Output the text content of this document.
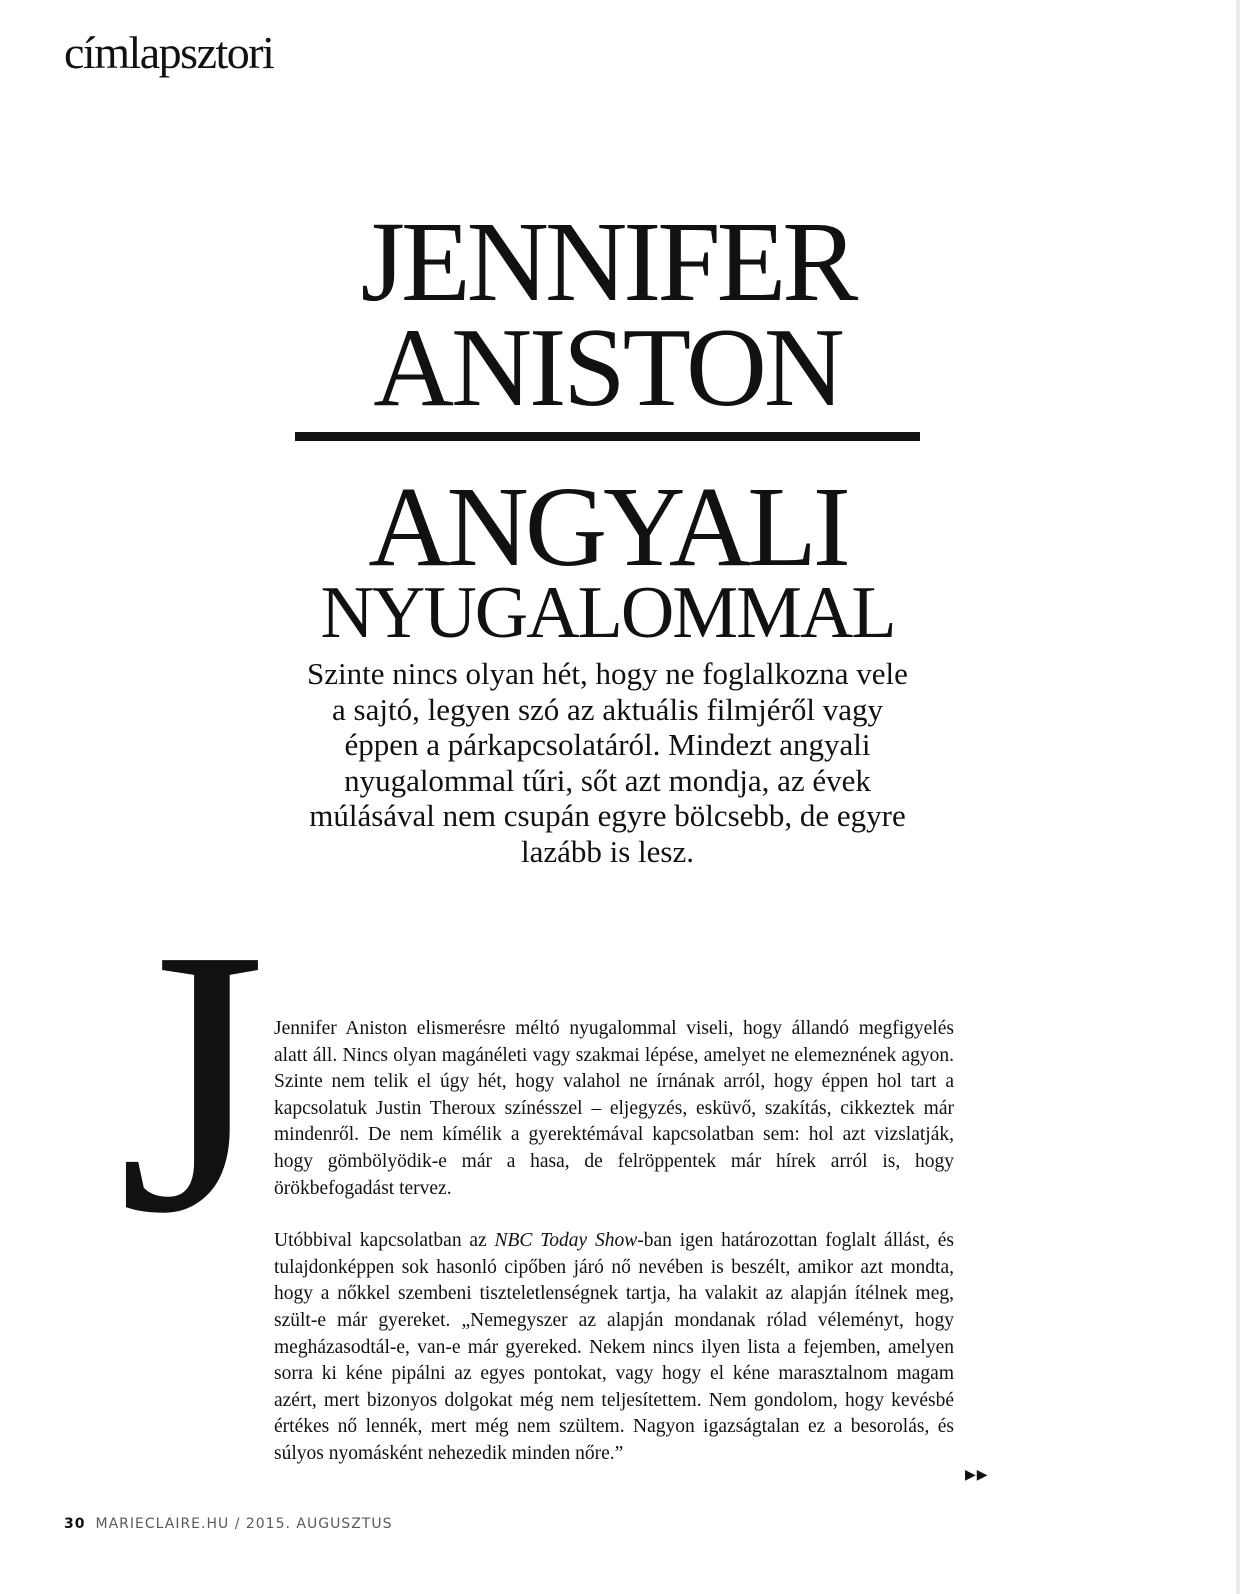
címlapsztori
JENNIFER
ANISTON
ANGYALI
NYUGALOMMAL

Szinte nincs olyan hét, hogy ne foglalkozna vele a sajtó, legyen szó az aktuális filmjéről vagy éppen a párkapcsolatáról. Mindezt angyali nyugalommal tűri, sőt azt mondja, az évek múlásával nem csupán egyre bölcsebb, de egyre lazább is lesz.

J Jennifer Aniston elismerésre méltó nyugalommal viseli, hogy állandó megfigyelés alatt áll. Nincs olyan magánéleti vagy szakmai lépése, amelyet ne elemeznének agyon. Szinte nem telik el úgy hét, hogy valahol ne írnának arról, hogy éppen hol tart a kapcsolatuk Justin Theroux színésszel – eljegyzés, esküvő, szakítás, cikkeztek már mindenről. De nem kímélik a gyerektémával kapcsolatban sem: hol azt vizslatják, hogy gömbölyödik-e már a hasa, de felröppentek már hírek arról is, hogy örökbefogadást tervez.

Utóbbival kapcsolatban az NBC Today Show-ban igen határozottan foglalt állást, és tulajdonképpen sok hasonló cipőben járó nő nevében is beszélt, amikor azt mondta, hogy a nőkkel szembeni tiszteletlenségnek tartja, ha valakit az alapján ítélnek meg, szült-e már gyereket. „Nemegyszer az alapján mondanak rólad véleményt, hogy megházasodtál-e, van-e már gyereked. Nekem nincs ilyen lista a fejemben, amelyen sorra ki kéne pipálni az egyes pontokat, vagy hogy el kéne marasztalnom magam azért, mert bizonyos dolgokat még nem teljesítettem. Nem gondolom, hogy kevésbé értékes nő lennék, mert még nem szültem. Nagyon igazságtalan ez a besorolás, és súlyos nyomásként nehezedik minden nőre.”

▶▶
30 MARIECLAIRE.HU / 2015. AUGUSZTUS
